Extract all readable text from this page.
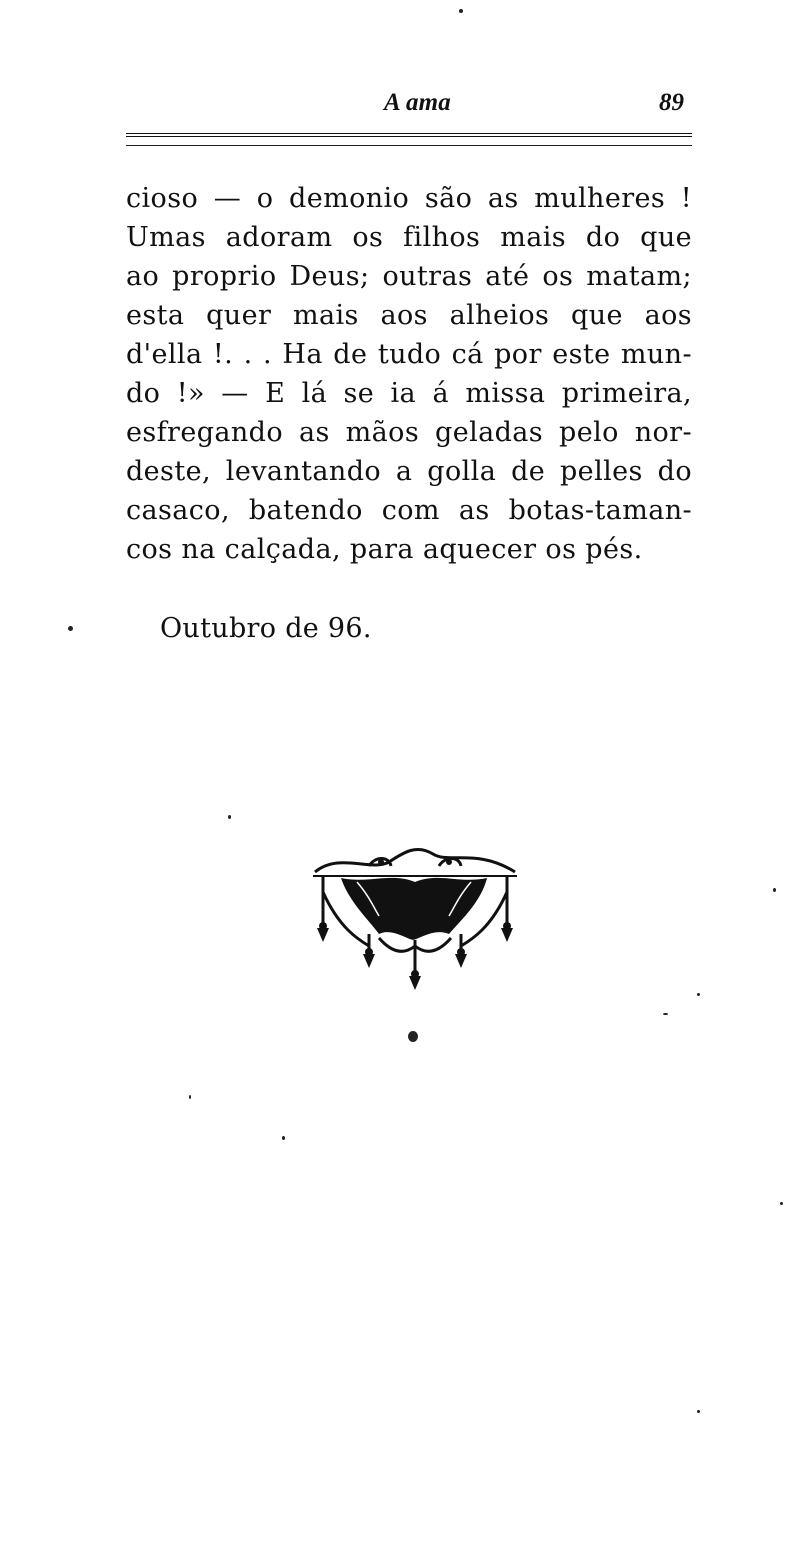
A ama	89
cioso — o demonio são as mulheres !
Umas adoram os filhos mais do que
ao proprio Deus; outras até os matam;
esta quer mais aos alheios que aos
d'ella !. . . Ha de tudo cá por este mun-
do !» — E lá se ia á missa primeira,
esfregando as mãos geladas pelo nor-
deste, levantando a golla de pelles do
casaco, batendo com as botas-taman-
cos na calçada, para aquecer os pés.
Outubro de 96.
